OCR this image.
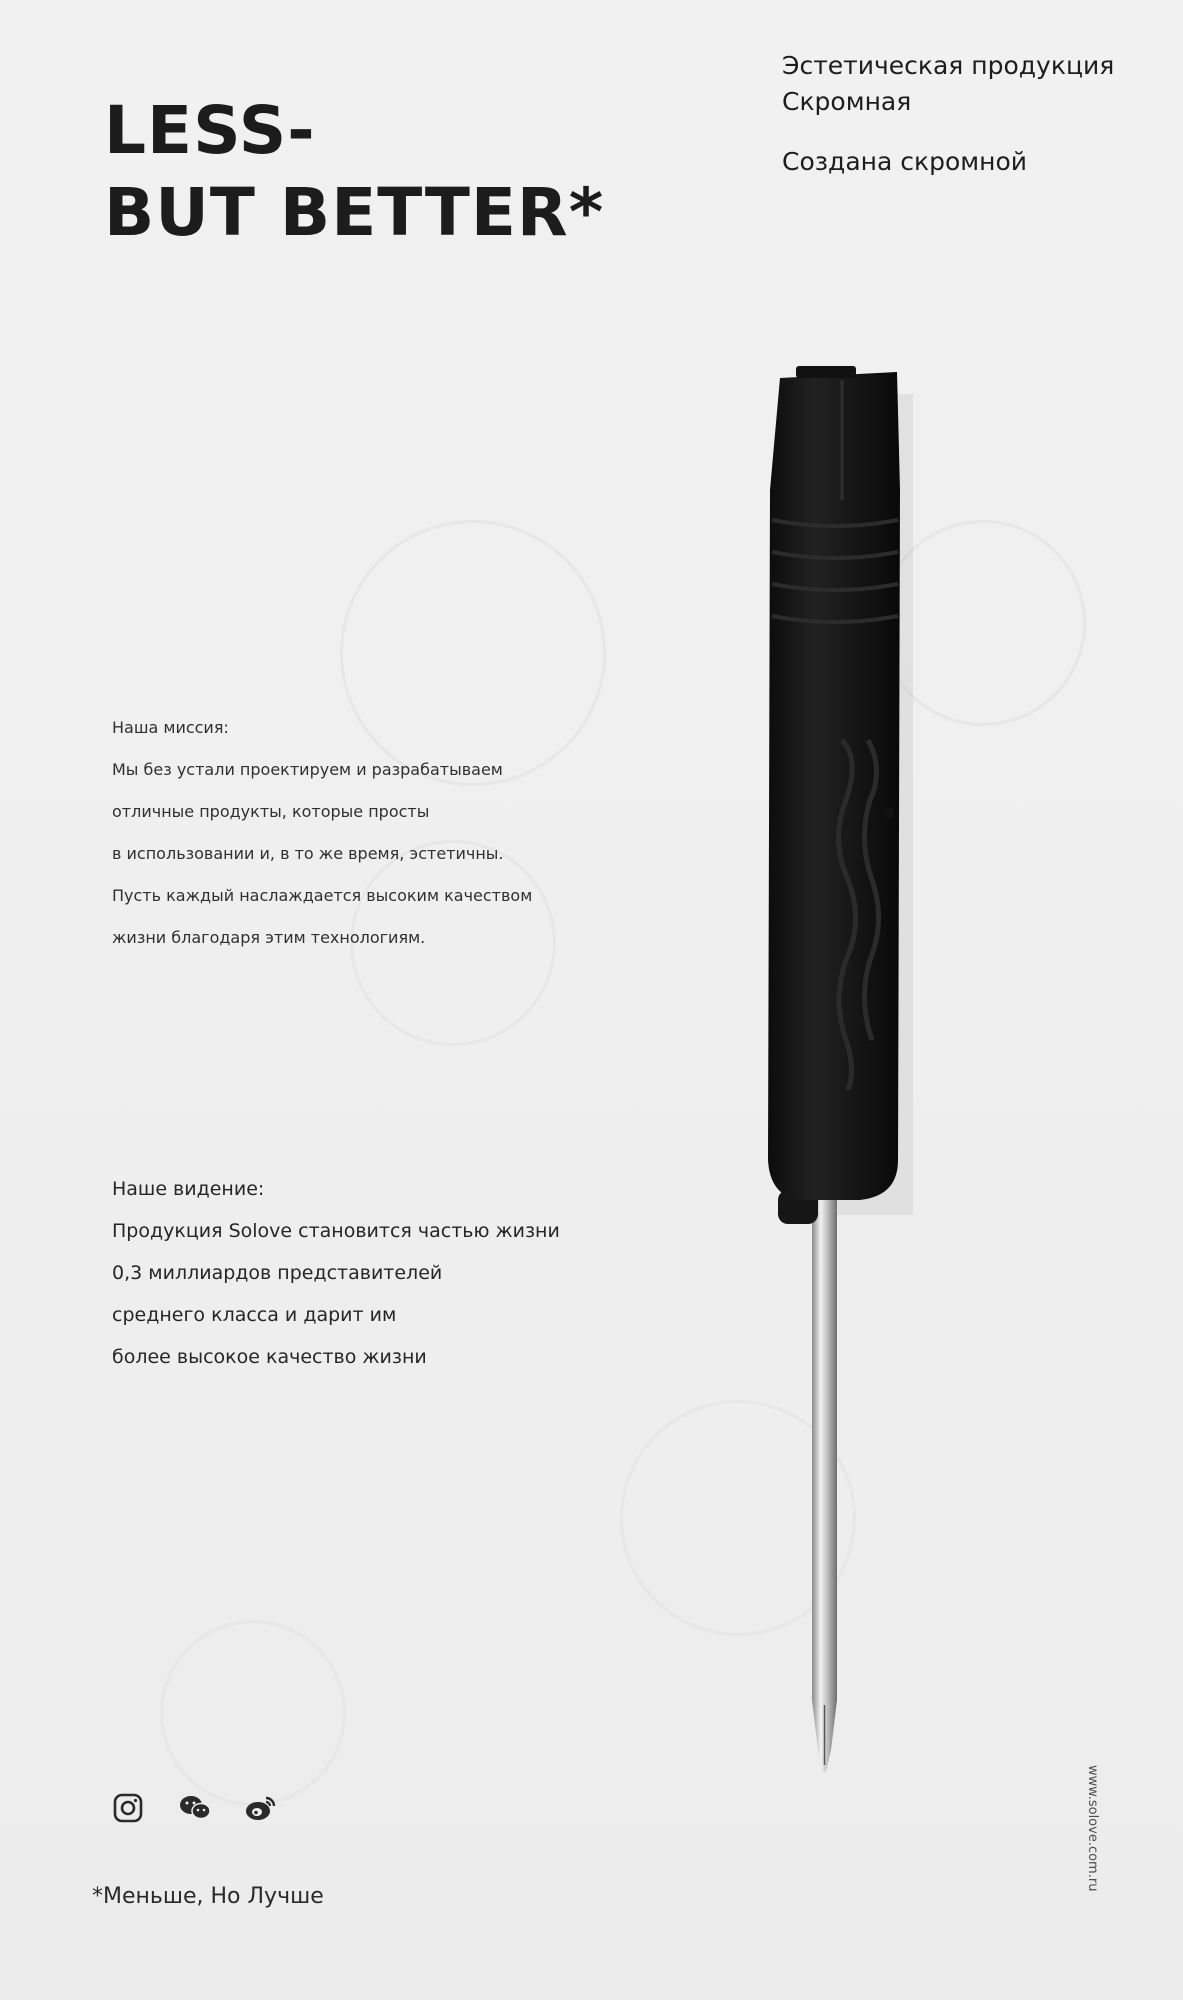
LESS-
BUT BETTER*
Эстетическая продукция
Скромная
Создана скромной
Наша миссия:
Мы без устали проектируем и разрабатываем
отличные продукты, которые просты
в использовании и, в то же время, эстетичны.
Пусть каждый наслаждается высоким качеством
жизни благодаря этим технологиям.
Наше видение:
Продукция Solove становится частью жизни
0,3 миллиардов представителей
среднего класса и дарит им
более высокое качество жизни
*Меньше, Но Лучше
www.solove.com.ru
